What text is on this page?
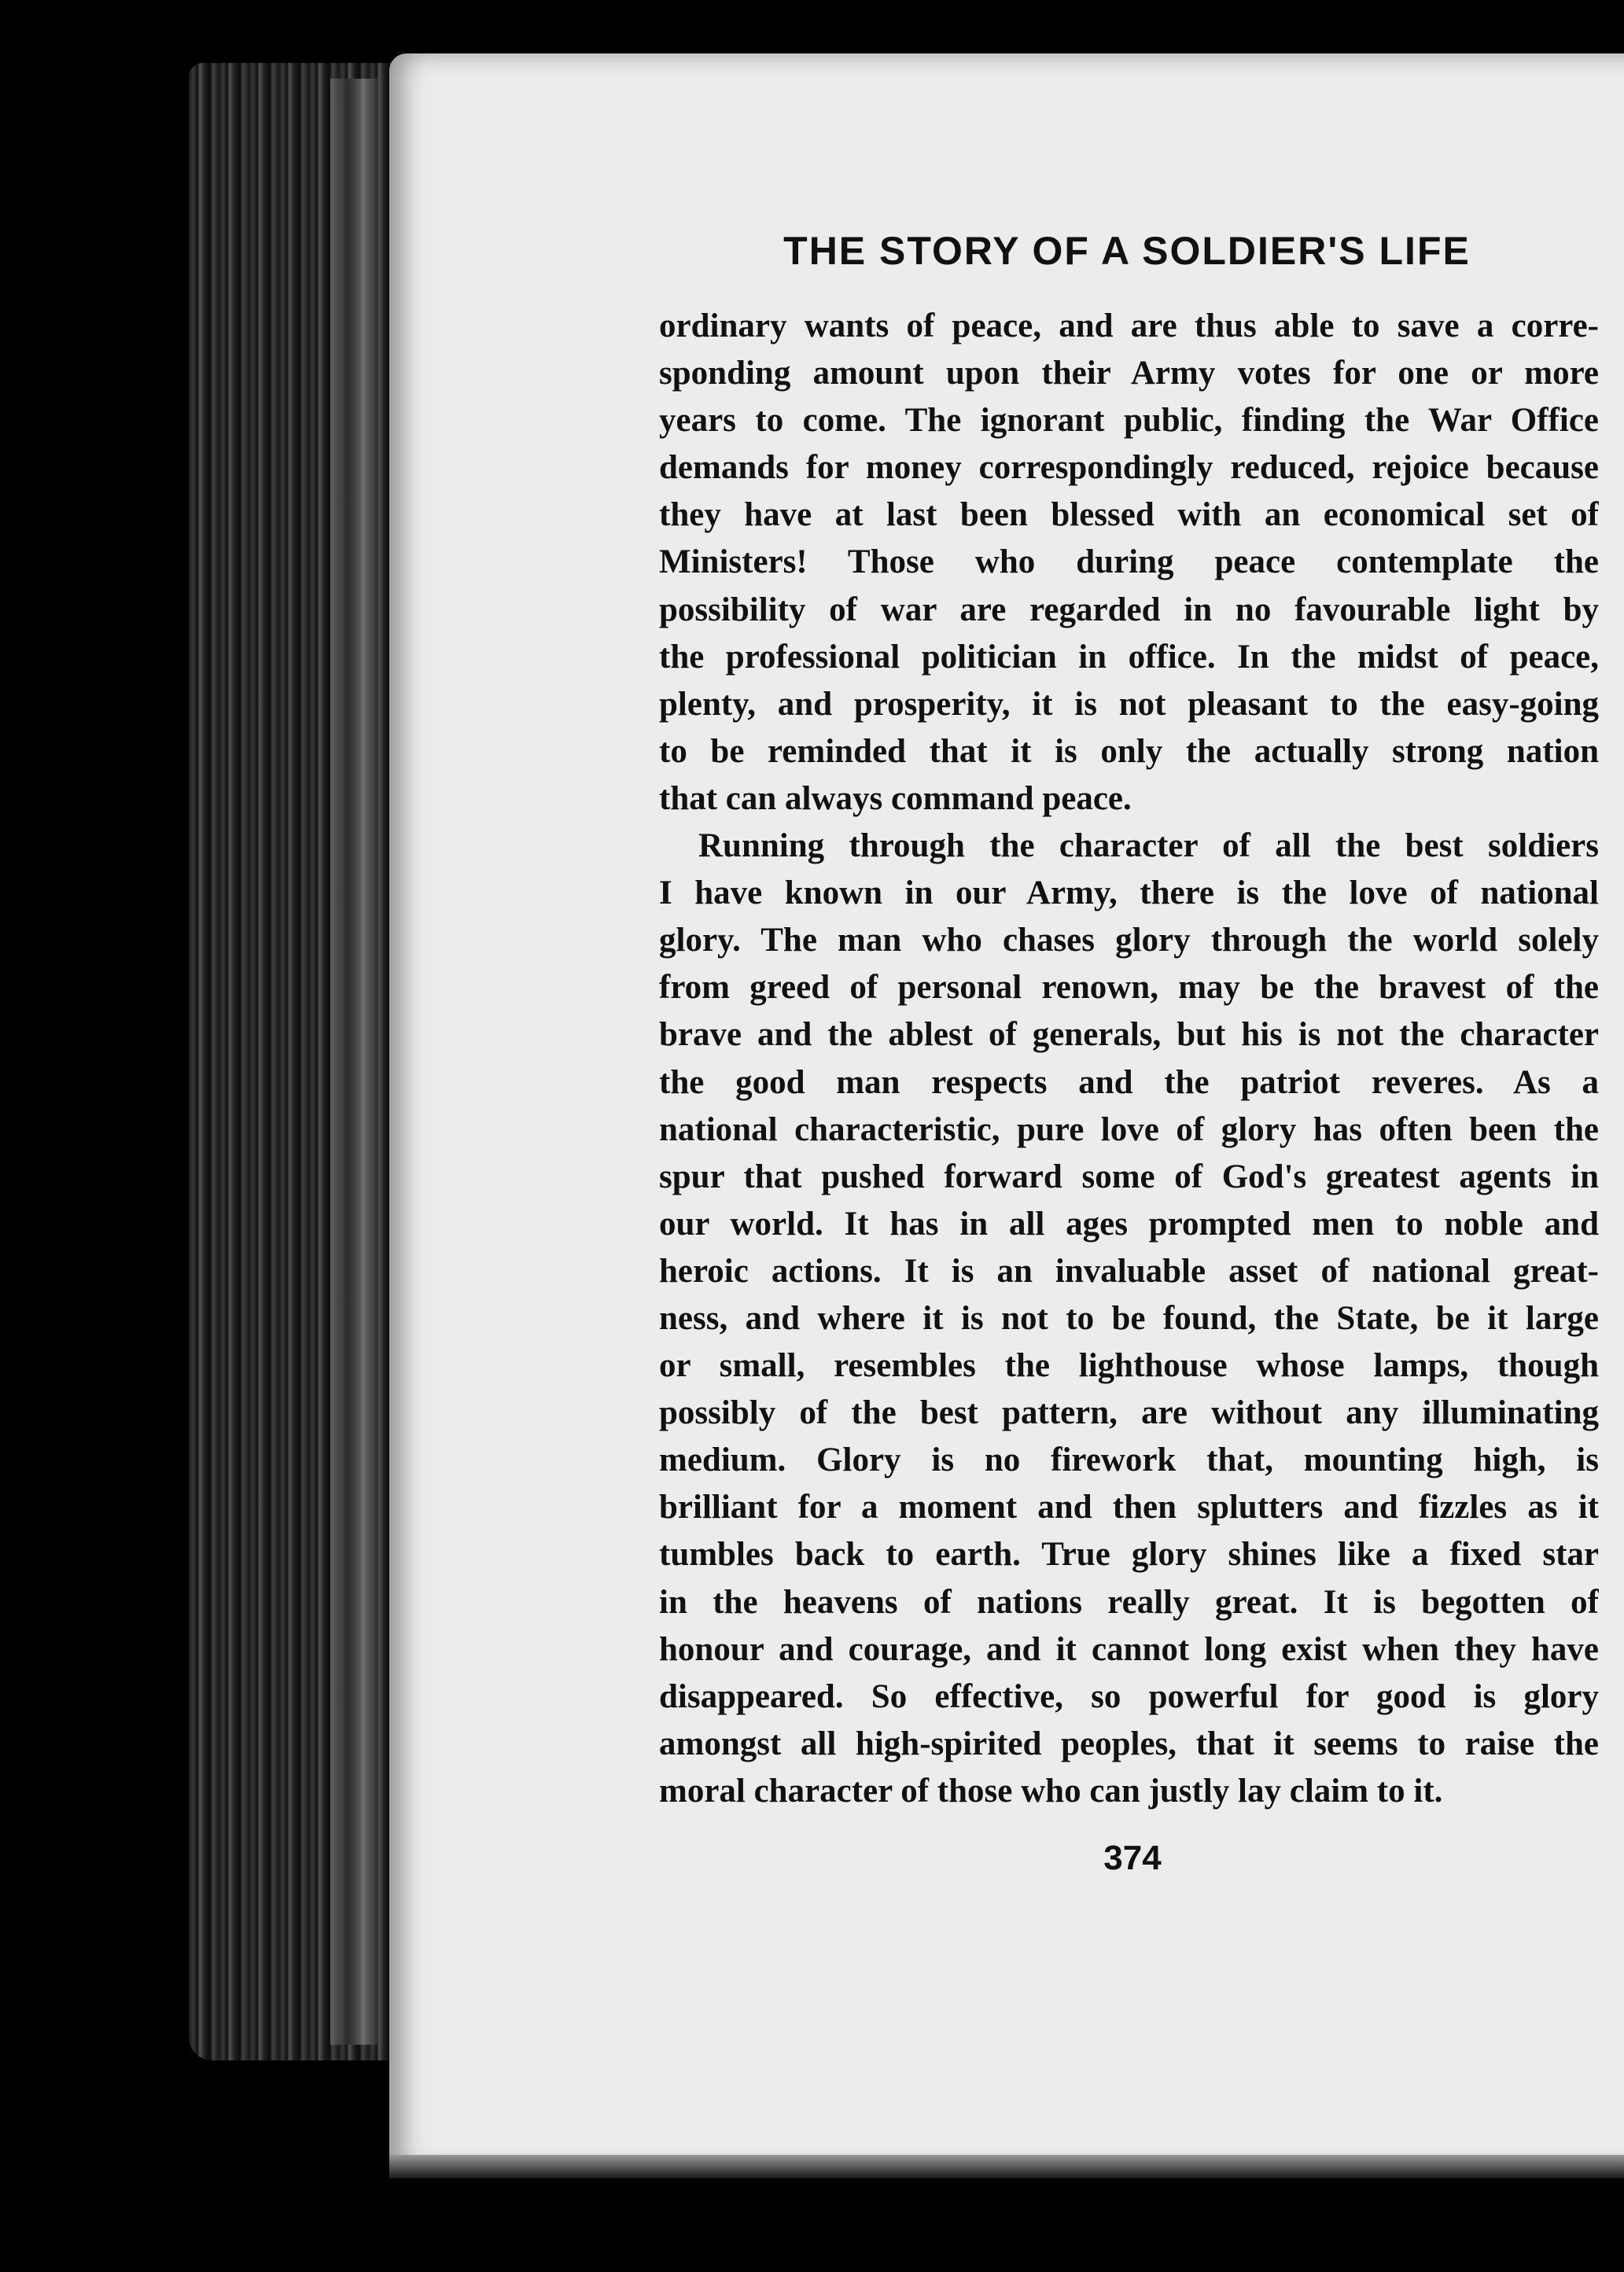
THE STORY OF A SOLDIER'S LIFE
ordinary wants of peace, and are thus able to save a corre-
sponding amount upon their Army votes for one or more
years to come. The ignorant public, finding the War Office
demands for money correspondingly reduced, rejoice because
they have at last been blessed with an economical set of
Ministers! Those who during peace contemplate the
possibility of war are regarded in no favourable light by
the professional politician in office. In the midst of peace,
plenty, and prosperity, it is not pleasant to the easy-going
to be reminded that it is only the actually strong nation
that can always command peace.
Running through the character of all the best soldiers
I have known in our Army, there is the love of national
glory. The man who chases glory through the world solely
from greed of personal renown, may be the bravest of the
brave and the ablest of generals, but his is not the character
the good man respects and the patriot reveres. As a
national characteristic, pure love of glory has often been the
spur that pushed forward some of God's greatest agents in
our world. It has in all ages prompted men to noble and
heroic actions. It is an invaluable asset of national great-
ness, and where it is not to be found, the State, be it large
or small, resembles the lighthouse whose lamps, though
possibly of the best pattern, are without any illuminating
medium. Glory is no firework that, mounting high, is
brilliant for a moment and then splutters and fizzles as it
tumbles back to earth. True glory shines like a fixed star
in the heavens of nations really great. It is begotten of
honour and courage, and it cannot long exist when they have
disappeared. So effective, so powerful for good is glory
amongst all high-spirited peoples, that it seems to raise the
moral character of those who can justly lay claim to it.
374
